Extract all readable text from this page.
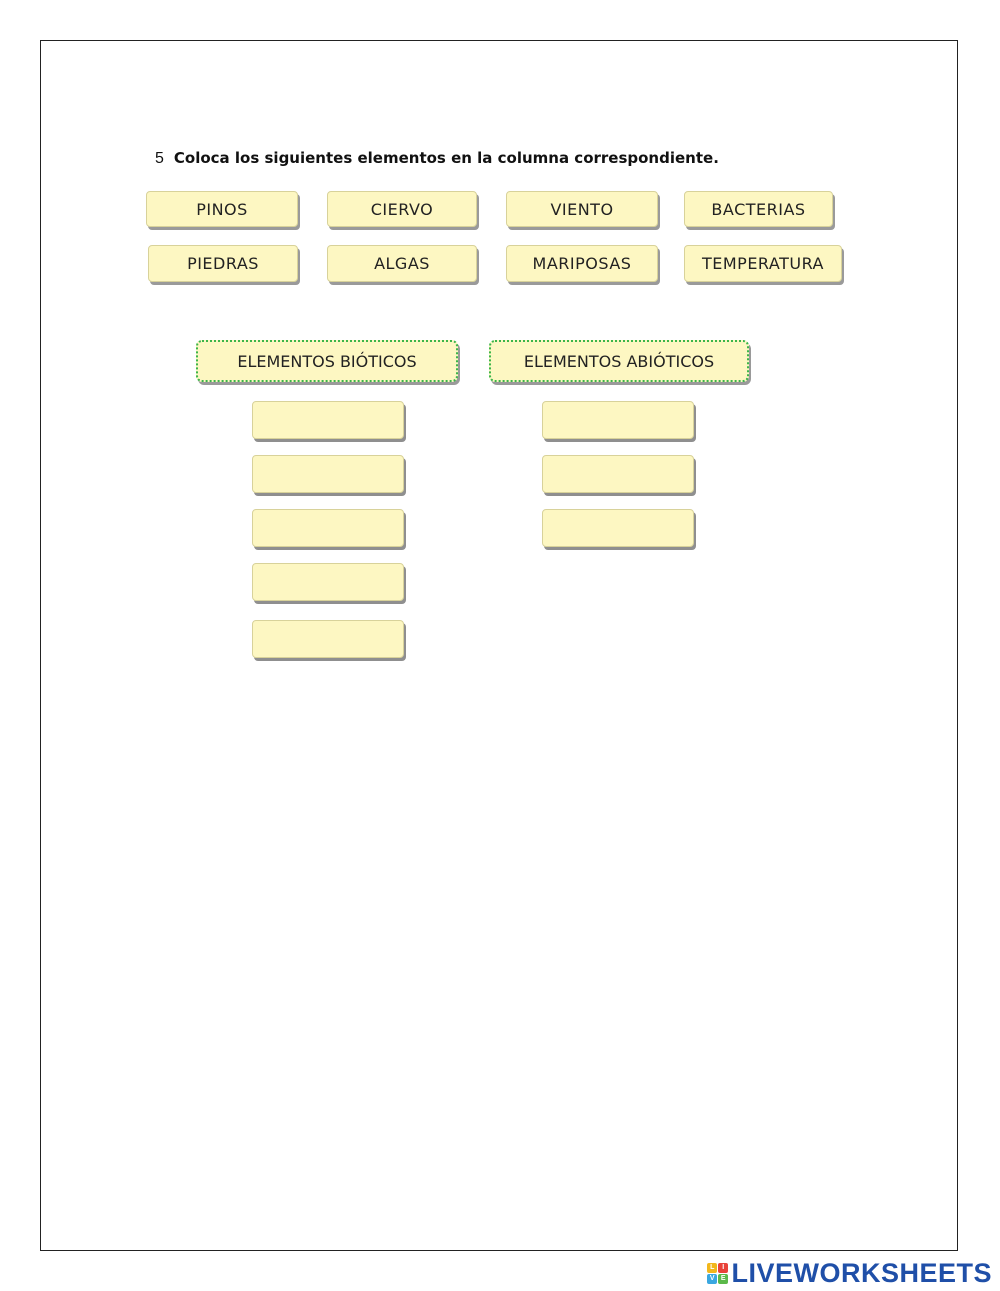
5 Coloca los siguientes elementos en la columna correspondiente.
PINOS	CIERVO	VIENTO	BACTERIAS
PIEDRAS	ALGAS	MARIPOSAS	TEMPERATURA
ELEMENTOS BIÓTICOS	ELEMENTOS ABIÓTICOS
L	I
V E LIVEWORKSHEETS
